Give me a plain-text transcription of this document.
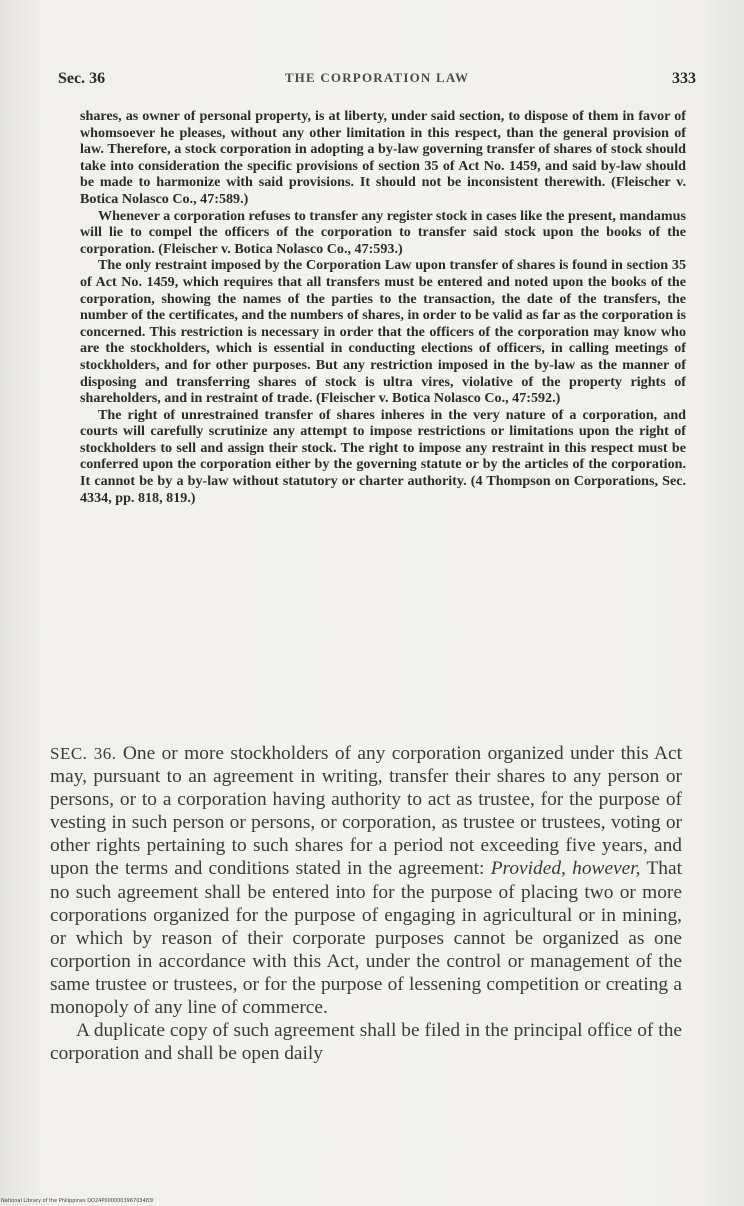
Sec. 36	THE CORPORATION LAW	333

shares, as owner of personal property, is at liberty, under said section, to dispose of them in favor of whomsoever he pleases, without any other limitation in this respect, than the general provision of law. Therefore, a stock corporation in adopting a by-law governing transfer of shares of stock should take into consideration the specific provisions of section 35 of Act No. 1459, and said by-law should be made to harmonize with said provisions. It should not be inconsistent therewith. (Fleischer v. Botica Nolasco Co., 47:589.)

Whenever a corporation refuses to transfer any register stock in cases like the present, mandamus will lie to compel the officers of the corporation to transfer said stock upon the books of the corporation. (Fleischer v. Botica Nolasco Co., 47:593.)

The only restraint imposed by the Corporation Law upon transfer of shares is found in section 35 of Act No. 1459, which requires that all transfers must be entered and noted upon the books of the corporation, showing the names of the parties to the transaction, the date of the transfers, the number of the certificates, and the numbers of shares, in order to be valid as far as the corporation is concerned. This restriction is necessary in order that the officers of the corporation may know who are the stockholders, which is essential in conducting elections of officers, in calling meetings of stockholders, and for other purposes. But any restriction imposed in the by-law as the manner of disposing and transferring shares of stock is ultra vires, violative of the property rights of shareholders, and in restraint of trade. (Fleischer v. Botica Nolasco Co., 47:592.)

The right of unrestrained transfer of shares inheres in the very nature of a corporation, and courts will carefully scrutinize any attempt to impose restrictions or limitations upon the right of stockholders to sell and assign their stock. The right to impose any restraint in this respect must be conferred upon the corporation either by the governing statute or by the articles of the corporation. It cannot be by a by-law without statutory or charter authority. (4 Thompson on Corporations, Sec. 4334, pp. 818, 819.)

SEC. 36. One or more stockholders of any corporation organized under this Act may, pursuant to an agreement in writing, transfer their shares to any person or persons, or to a corporation having authority to act as trustee, for the purpose of vesting in such person or persons, or corporation, as trustee or trustees, voting or other rights pertaining to such shares for a period not exceeding five years, and upon the terms and conditions stated in the agreement: Provided, however, That no such agreement shall be entered into for the purpose of placing two or more corporations organized for the purpose of engaging in agricultural or in mining, or which by reason of their corporate purposes cannot be organized as one corportion in accordance with this Act, under the control or management of the same trustee or trustees, or for the purpose of lessening competition or creating a monopoly of any line of commerce.

A duplicate copy of such agreement shall be filed in the principal office of the corporation and shall be open daily

National Library of the Philippines DO24P000000396703483I
